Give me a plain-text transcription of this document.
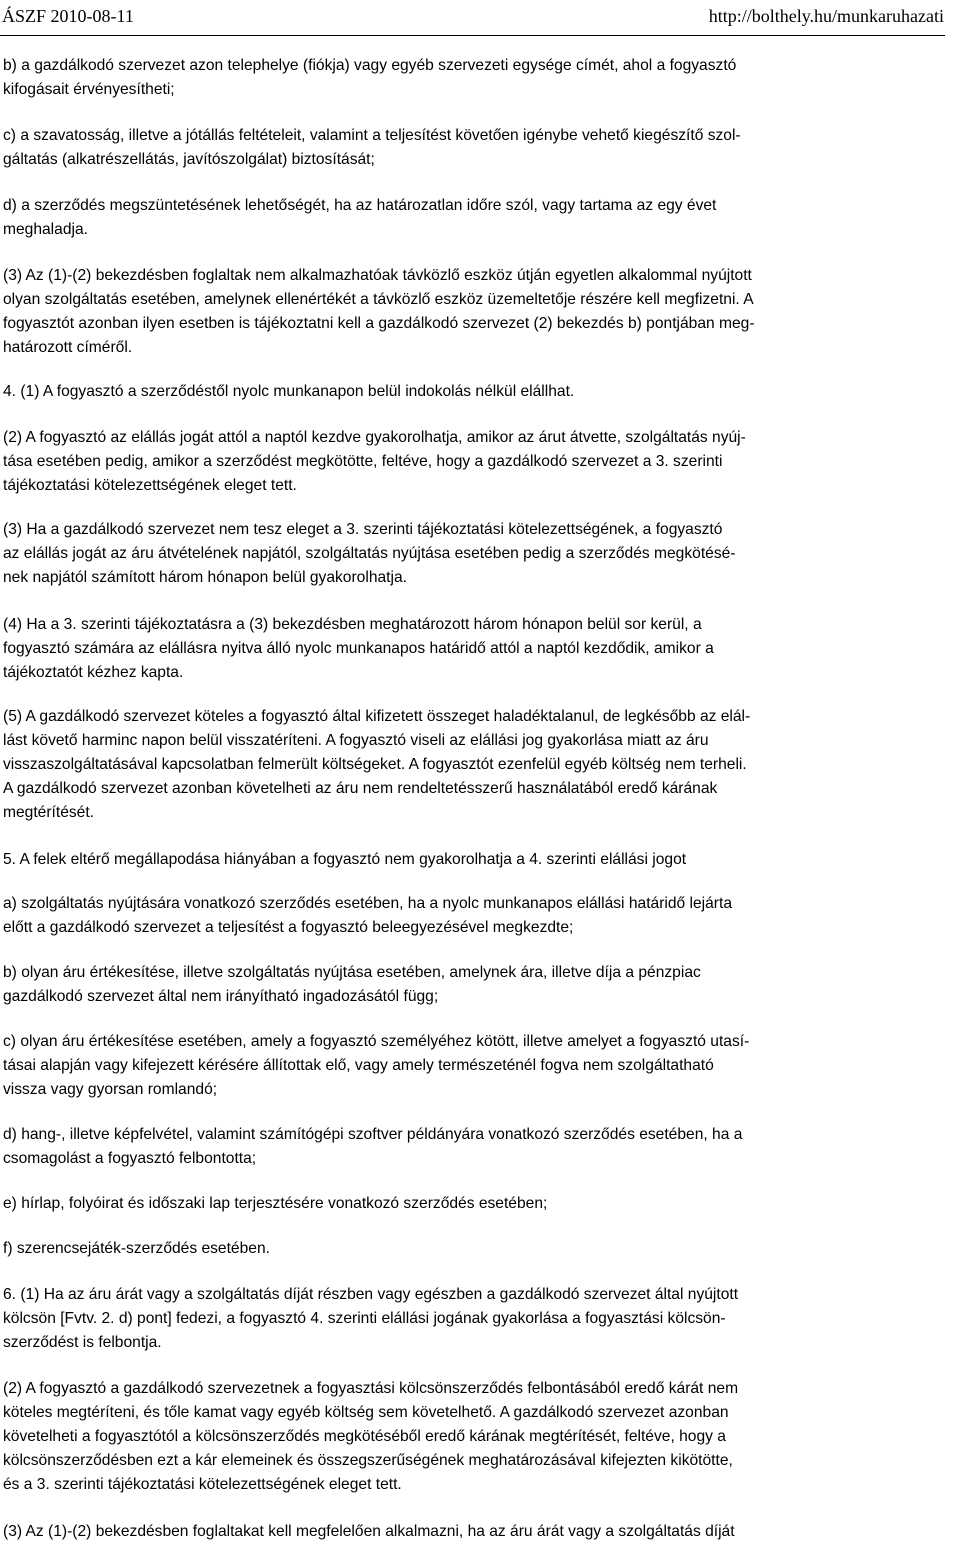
ÁSZF 2010-08-11	http://bolthely.hu/munkaruhazati
b) a gazdálkodó szervezet azon telephelye (fiókja) vagy egyéb szervezeti egysége címét, ahol a fogyasztó
kifogásait érvényesítheti;
c) a szavatosság, illetve a jótállás feltételeit, valamint a teljesítést követően igénybe vehető kiegészítő szol-
gáltatás (alkatrészellátás, javítószolgálat) biztosítását;
d) a szerződés megszüntetésének lehetőségét, ha az határozatlan időre szól, vagy tartama az egy évet
meghaladja.
(3) Az (1)-(2) bekezdésben foglaltak nem alkalmazhatóak távközlő eszköz útján egyetlen alkalommal nyújtott
olyan szolgáltatás esetében, amelynek ellenértékét a távközlő eszköz üzemeltetője részére kell megfizetni. A
fogyasztót azonban ilyen esetben is tájékoztatni kell a gazdálkodó szervezet (2) bekezdés b) pontjában meg-
határozott címéről.
4. (1) A fogyasztó a szerződéstől nyolc munkanapon belül indokolás nélkül elállhat.
(2) A fogyasztó az elállás jogát attól a naptól kezdve gyakorolhatja, amikor az árut átvette, szolgáltatás nyúj-
tása esetében pedig, amikor a szerződést megkötötte, feltéve, hogy a gazdálkodó szervezet a 3. szerinti
tájékoztatási kötelezettségének eleget tett.
(3) Ha a gazdálkodó szervezet nem tesz eleget a 3. szerinti tájékoztatási kötelezettségének, a fogyasztó
az elállás jogát az áru átvételének napjától, szolgáltatás nyújtása esetében pedig a szerződés megkötésé-
nek napjától számított három hónapon belül gyakorolhatja.
(4) Ha a 3. szerinti tájékoztatásra a (3) bekezdésben meghatározott három hónapon belül sor kerül, a
fogyasztó számára az elállásra nyitva álló nyolc munkanapos határidő attól a naptól kezdődik, amikor a
tájékoztatót kézhez kapta.
(5) A gazdálkodó szervezet köteles a fogyasztó által kifizetett összeget haladéktalanul, de legkésőbb az elál-
lást követő harminc napon belül visszatéríteni. A fogyasztó viseli az elállási jog gyakorlása miatt az áru
visszaszolgáltatásával kapcsolatban felmerült költségeket. A fogyasztót ezenfelül egyéb költség nem terheli.
A gazdálkodó szervezet azonban követelheti az áru nem rendeltetésszerű használatából eredő kárának
megtérítését.
5. A felek eltérő megállapodása hiányában a fogyasztó nem gyakorolhatja a 4. szerinti elállási jogot
a) szolgáltatás nyújtására vonatkozó szerződés esetében, ha a nyolc munkanapos elállási határidő lejárta
előtt a gazdálkodó szervezet a teljesítést a fogyasztó beleegyezésével megkezdte;
b) olyan áru értékesítése, illetve szolgáltatás nyújtása esetében, amelynek ára, illetve díja a pénzpiac
gazdálkodó szervezet által nem irányítható ingadozásától függ;
c) olyan áru értékesítése esetében, amely a fogyasztó személyéhez kötött, illetve amelyet a fogyasztó utasí-
tásai alapján vagy kifejezett kérésére állítottak elő, vagy amely természeténél fogva nem szolgáltatható
vissza vagy gyorsan romlandó;
d) hang-, illetve képfelvétel, valamint számítógépi szoftver példányára vonatkozó szerződés esetében, ha a
csomagolást a fogyasztó felbontotta;
e) hírlap, folyóirat és időszaki lap terjesztésére vonatkozó szerződés esetében;
f) szerencsejáték-szerződés esetében.
6. (1) Ha az áru árát vagy a szolgáltatás díját részben vagy egészben a gazdálkodó szervezet által nyújtott
kölcsön [Fvtv. 2. d) pont] fedezi, a fogyasztó 4. szerinti elállási jogának gyakorlása a fogyasztási kölcsön-
szerződést is felbontja.
(2) A fogyasztó a gazdálkodó szervezetnek a fogyasztási kölcsönszerződés felbontásából eredő kárát nem
köteles megtéríteni, és tőle kamat vagy egyéb költség sem követelhető. A gazdálkodó szervezet azonban
követelheti a fogyasztótól a kölcsönszerződés megkötéséből eredő kárának megtérítését, feltéve, hogy a
kölcsönszerződésben ezt a kár elemeinek és összegszerűségének meghatározásával kifejezten kikötötte,
és a 3. szerinti tájékoztatási kötelezettségének eleget tett.
(3) Az (1)-(2) bekezdésben foglaltakat kell megfelelően alkalmazni, ha az áru árát vagy a szolgáltatás díját
